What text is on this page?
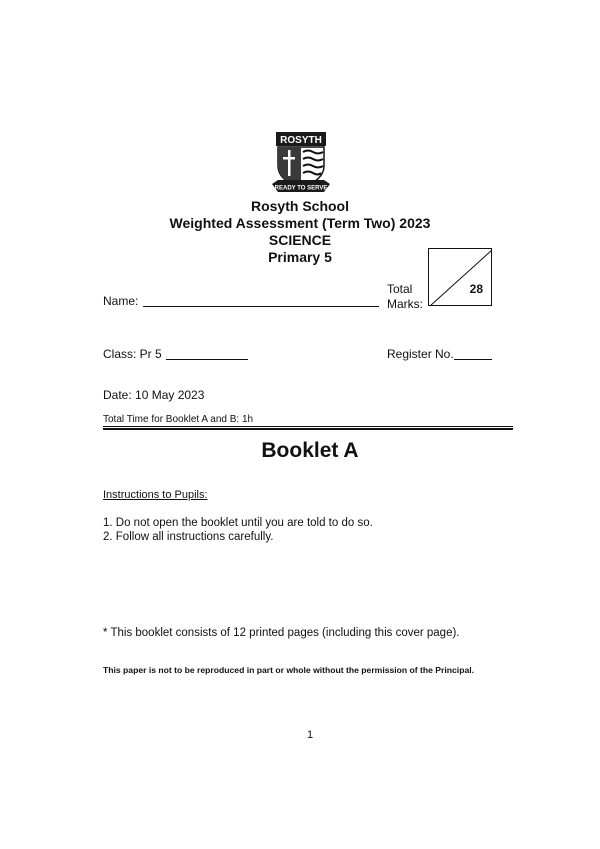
ROSYTH
READY TO SERVE
Rosyth School
Weighted Assessment (Term Two) 2023
SCIENCE
Primary 5
Name:
Total
Marks:
28
Class: Pr 5	Register No.
Date: 10 May 2023
Total Time for Booklet A and B: 1h
Booklet A
Instructions to Pupils:
1. Do not open the booklet until you are told to do so.
2. Follow all instructions carefully.
* This booklet consists of 12 printed pages (including this cover page).
This paper is not to be reproduced in part or whole without the permission of the Principal.
1
